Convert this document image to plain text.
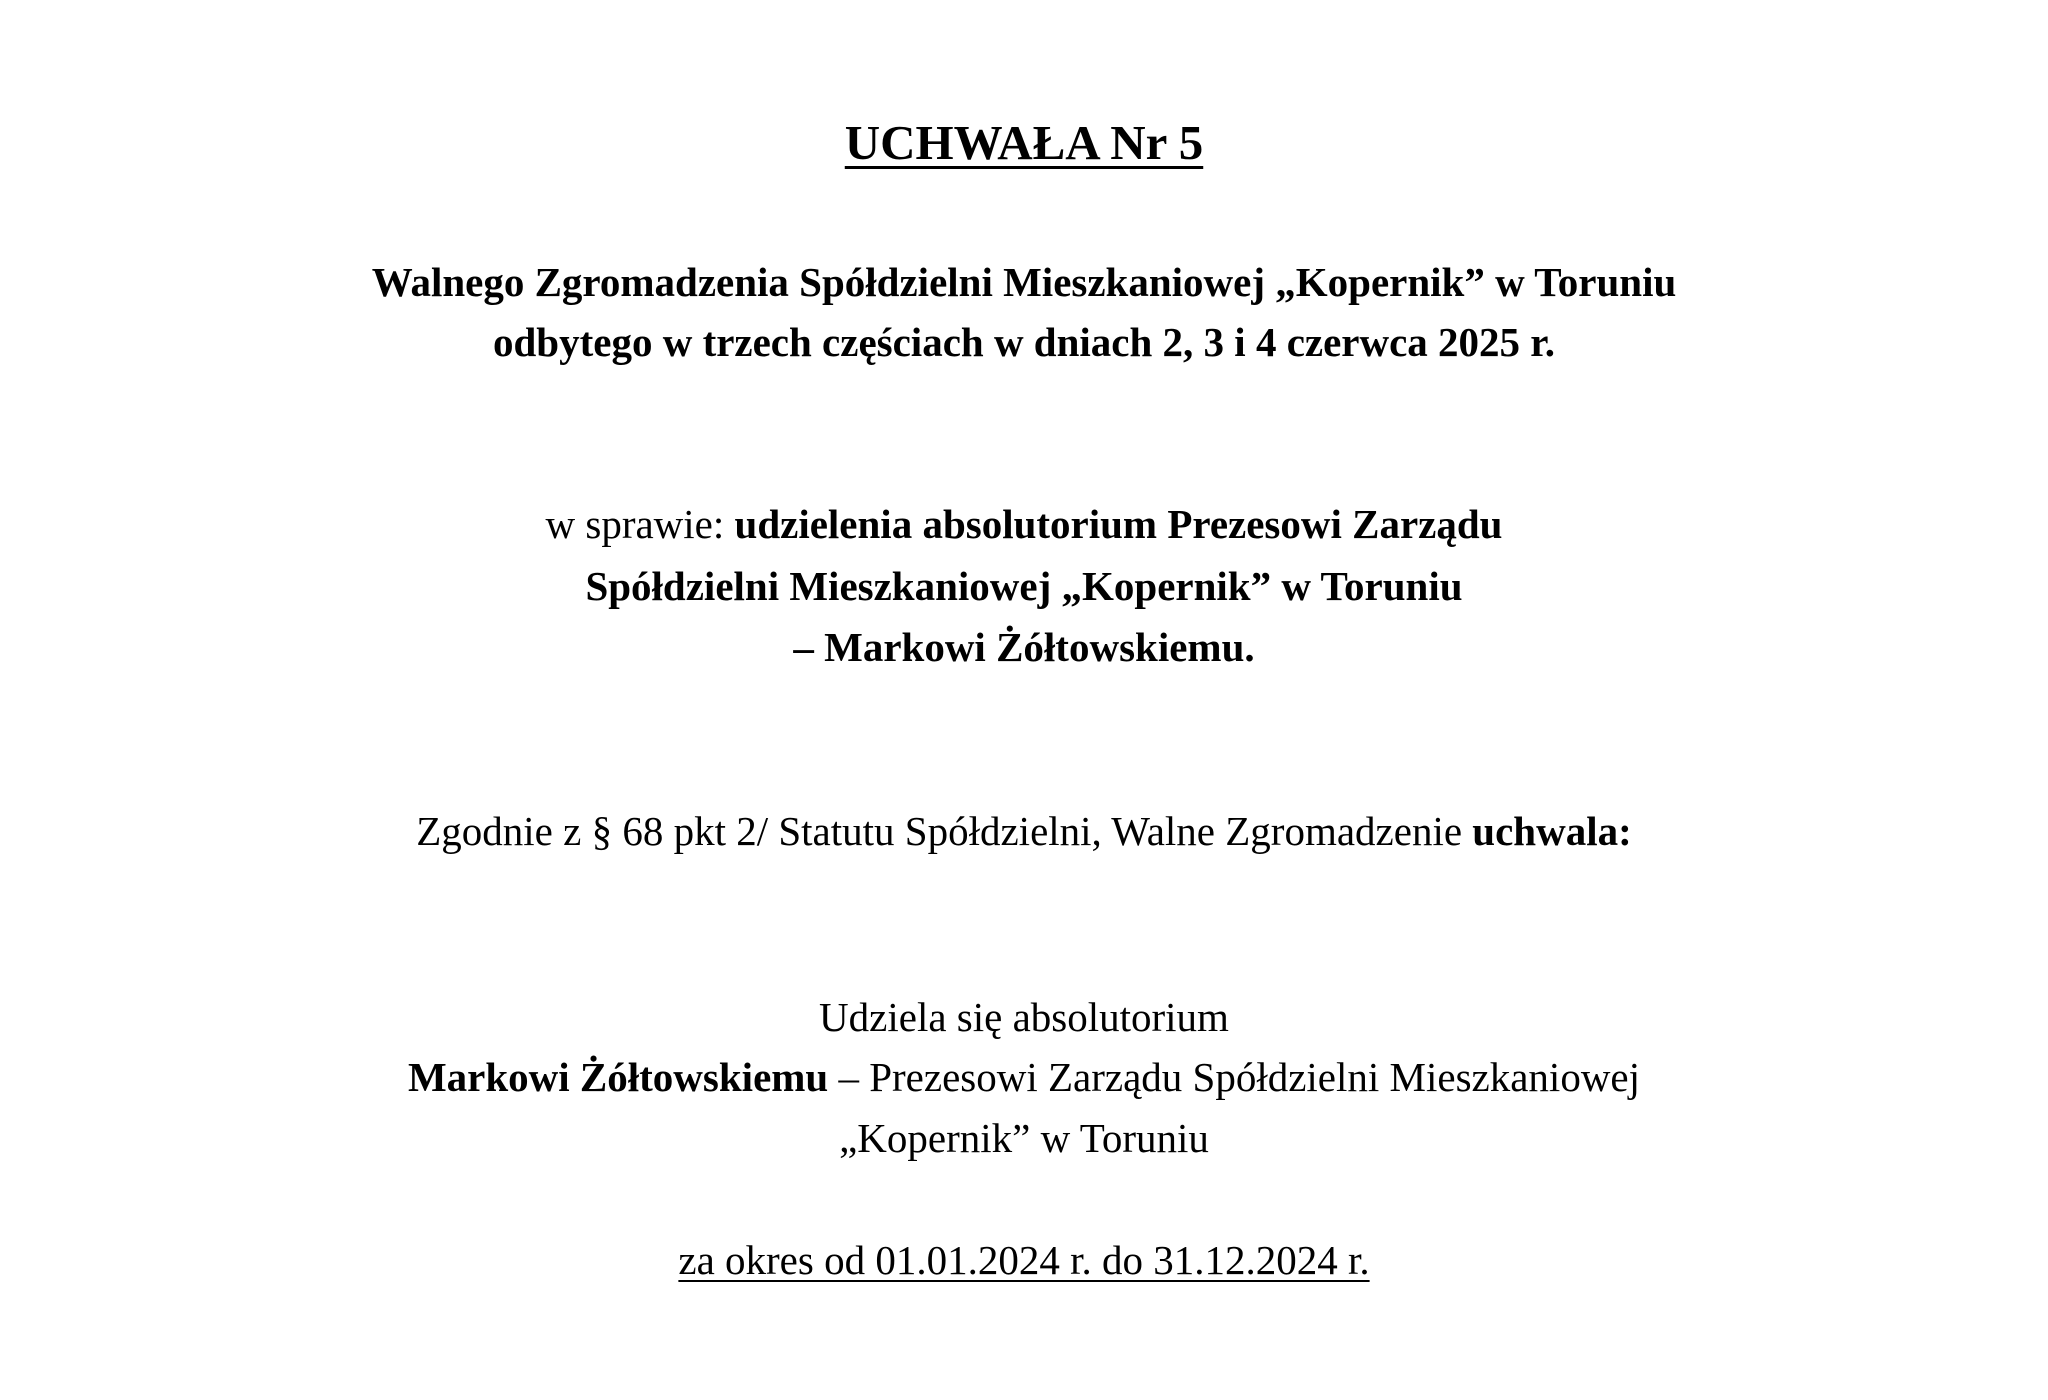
UCHWAŁA Nr 5
Walnego Zgromadzenia Spółdzielni Mieszkaniowej „Kopernik” w Toruniu
odbytego w trzech częściach w dniach 2, 3 i 4 czerwca 2025 r.
w sprawie: udzielenia absolutorium Prezesowi Zarządu
Spółdzielni Mieszkaniowej „Kopernik” w Toruniu
– Markowi Żółtowskiemu.
Zgodnie z § 68 pkt 2/ Statutu Spółdzielni, Walne Zgromadzenie uchwala:
Udziela się absolutorium
Markowi Żółtowskiemu – Prezesowi Zarządu Spółdzielni Mieszkaniowej
„Kopernik” w Toruniu
za okres od 01.01.2024 r. do 31.12.2024 r.
